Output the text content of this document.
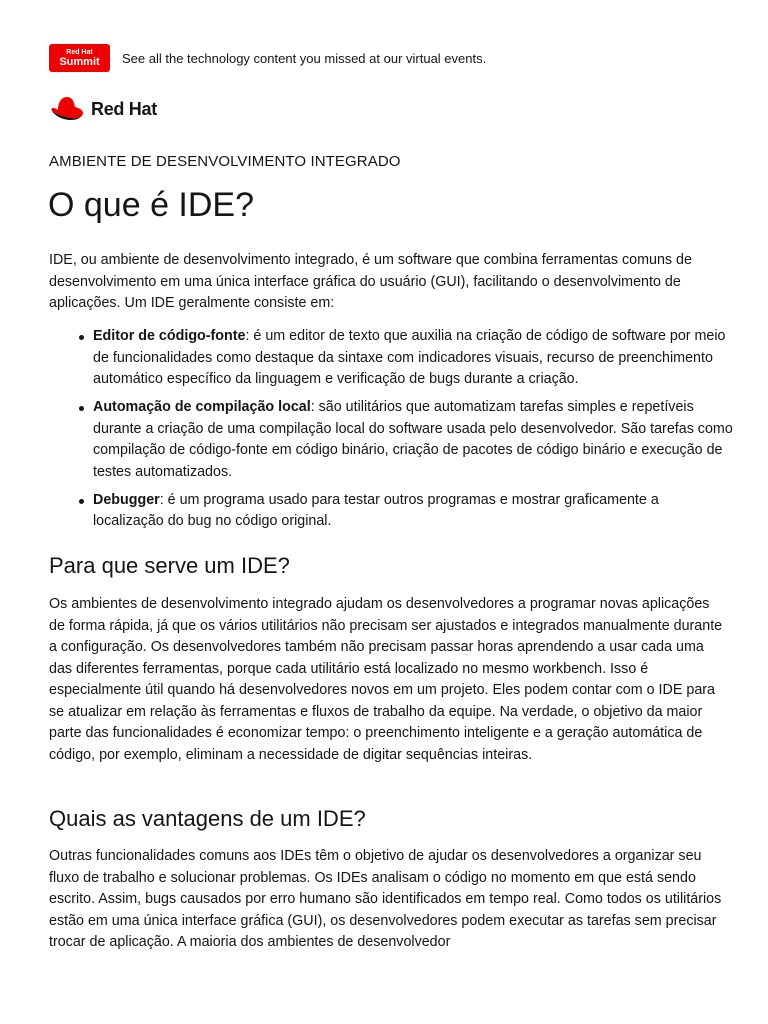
Red Hat
Summit See all the technology content you missed at our virtual events.
Red Hat
AMBIENTE DE DESENVOLVIMENTO INTEGRADO
O que é IDE?

IDE, ou ambiente de desenvolvimento integrado, é um software que combina ferramentas comuns de desenvolvimento em uma única interface gráfica do usuário (GUI), facilitando o desenvolvimento de aplicações. Um IDE geralmente consiste em:

Editor de código-fonte: é um editor de texto que auxilia na criação de código de software por meio de funcionalidades como destaque da sintaxe com indicadores visuais, recurso de preenchimento automático específico da linguagem e verificação de bugs durante a criação.
Automação de compilação local: são utilitários que automatizam tarefas simples e repetíveis durante a criação de uma compilação local do software usada pelo desenvolvedor. São tarefas como compilação de código-fonte em código binário, criação de pacotes de código binário e execução de testes automatizados.
Debugger: é um programa usado para testar outros programas e mostrar graficamente a localização do bug no código original.
Para que serve um IDE?

Os ambientes de desenvolvimento integrado ajudam os desenvolvedores a programar novas aplicações de forma rápida, já que os vários utilitários não precisam ser ajustados e integrados manualmente durante a configuração. Os desenvolvedores também não precisam passar horas aprendendo a usar cada uma das diferentes ferramentas, porque cada utilitário está localizado no mesmo workbench. Isso é especialmente útil quando há desenvolvedores novos em um projeto. Eles podem contar com o IDE para se atualizar em relação às ferramentas e fluxos de trabalho da equipe. Na verdade, o objetivo da maior parte das funcionalidades é economizar tempo: o preenchimento inteligente e a geração automática de código, por exemplo, eliminam a necessidade de digitar sequências inteiras.

Quais as vantagens de um IDE?

Outras funcionalidades comuns aos IDEs têm o objetivo de ajudar os desenvolvedores a organizar seu fluxo de trabalho e solucionar problemas. Os IDEs analisam o código no momento em que está sendo escrito. Assim, bugs causados por erro humano são identificados em tempo real. Como todos os utilitários estão em uma única interface gráfica (GUI), os desenvolvedores podem executar as tarefas sem precisar trocar de aplicação. A maioria dos ambientes de desenvolvedor
